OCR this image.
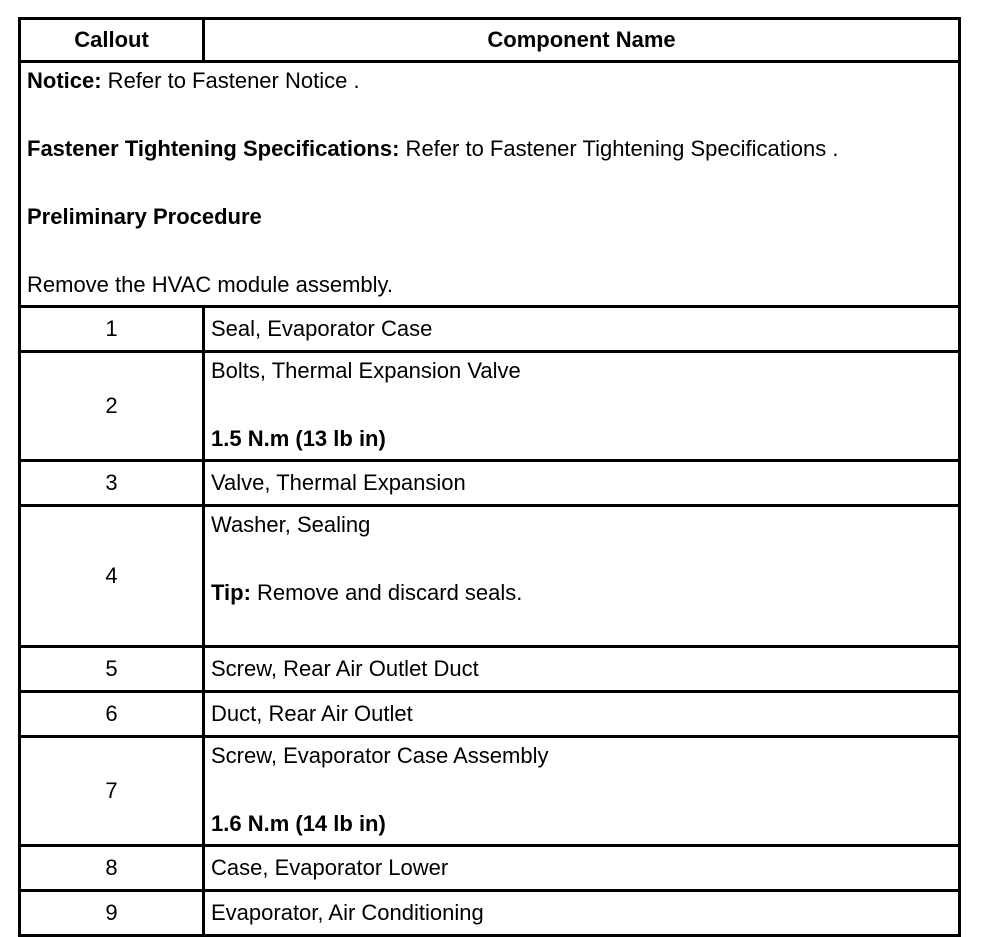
Callout	Component Name

Notice: Refer to Fastener Notice .

Fastener Tightening Specifications: Refer to Fastener Tightening Specifications .

Preliminary Procedure

Remove the HVAC module assembly.	

1	Seal, Evaporator Case
2	Bolts, Thermal Expansion Valve
1.5 N.m (13 lb in)

3	Valve, Thermal Expansion
4	Washer, Sealing
Tip: Remove and discard seals.

5	Screw, Rear Air Outlet Duct
6	Duct, Rear Air Outlet
7	Screw, Evaporator Case Assembly
1.6 N.m (14 lb in)

8	Case, Evaporator Lower
9	Evaporator, Air Conditioning
